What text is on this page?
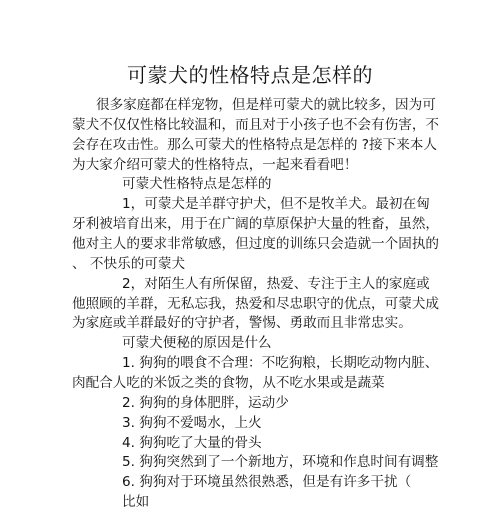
可蒙犬的性格特点是怎样的
很多家庭都在样宠物，但是样可蒙犬的就比较多，因为可
蒙犬不仅仅性格比较温和，而且对于小孩子也不会有伤害，不
会存在攻击性。那么可蒙犬的性格特点是怎样的 ?接下来本人
为大家介绍可蒙犬的性格特点，一起来看看吧！
可蒙犬性格特点是怎样的
1，可蒙犬是羊群守护犬，但不是牧羊犬。最初在匈
牙利被培育出来，用于在广阔的草原保护大量的牲畜，虽然，
他对主人的要求非常敏感，但过度的训练只会造就一个固执的
、 不快乐的可蒙犬
2，对陌生人有所保留，热爱、专注于主人的家庭或
他照顾的羊群，无私忘我，热爱和尽忠职守的优点，可蒙犬成
为家庭或羊群最好的守护者，警惕、勇敢而且非常忠实。
可蒙犬便秘的原因是什么
1. 狗狗的喂食不合理：不吃狗粮，长期吃动物内脏、
肉配合人吃的米饭之类的食物，从不吃水果或是蔬菜
2. 狗狗的身体肥胖，运动少
3. 狗狗不爱喝水，上火
4. 狗狗吃了大量的骨头
5. 狗狗突然到了一个新地方，环境和作息时间有调整
6. 狗狗对于环境虽然很熟悉，但是有许多干扰（
比如
